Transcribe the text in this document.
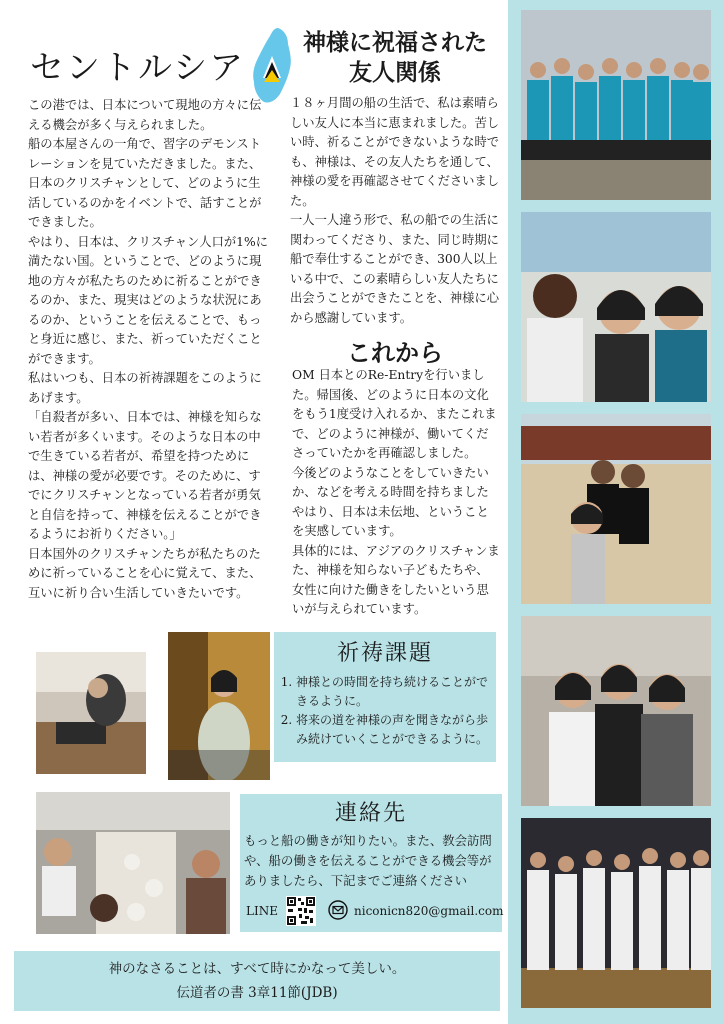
セントルシア

この港では、日本について現地の方々に伝える機会が多く与えられました。

船の本屋さんの一角で、習字のデモンストレーションを見ていただきました。また、日本のクリスチャンとして、どのように生活しているのかをイベントで、話すことができました。

やはり、日本は、クリスチャン人口が1%に満たない国。ということで、どのように現地の方々が私たちのために祈ることができるのか、また、現実はどのような状況にあるのか、ということを伝えることで、もっと身近に感じ、また、祈っていただくことができます。

私はいつも、日本の祈祷課題をこのようにあげます。

「自殺者が多い、日本では、神様を知らない若者が多くいます。そのような日本の中で生きている若者が、希望を持つためには、神様の愛が必要です。そのために、すでにクリスチャンとなっている若者が勇気と自信を持って、神様を伝えることができるようにお祈りください。」

日本国外のクリスチャンたちが私たちのために祈っていることを心に覚えて、また、互いに祈り合い生活していきたいです。

神様に祝福された
友人関係

１８ヶ月間の船の生活で、私は素晴らしい友人に本当に恵まれました。苦しい時、祈ることができないような時でも、神様は、その友人たちを通して、神様の愛を再確認させてくださいました。

一人一人違う形で、私の船での生活に関わってくださり、また、同じ時期に船で奉仕することができ、300人以上いる中で、この素晴らしい友人たちに出会うことができたことを、神様に心から感謝しています。

これから

OM 日本とのRe-Entryを行いました。帰国後、どのように日本の文化をもう1度受け入れるか、またこれまで、どのように神様が、働いてくださっていたかを再確認しました。

今後どのようなことをしていきたいか、などを考える時間を持ちましたやはり、日本は未伝地、ということを実感しています。

具体的には、アジアのクリスチャンまた、神様を知らない子どもたちや、女性に向けた働きをしたいという思いが与えられています。

祈祷課題
1. 神様との時間を持ち続けることができるように。
2. 将来の道を神様の声を聞きながら歩み続けていくことができるように。
連絡先
もっと船の働きが知りたい。また、教会訪問や、船の働きを伝えることができる機会等がありましたら、下記までご連絡ください
LINE	niconicn820@gmail.com
神のなさることは、すべて時にかなって美しい。
伝道者の書 3章11節(JDB)
